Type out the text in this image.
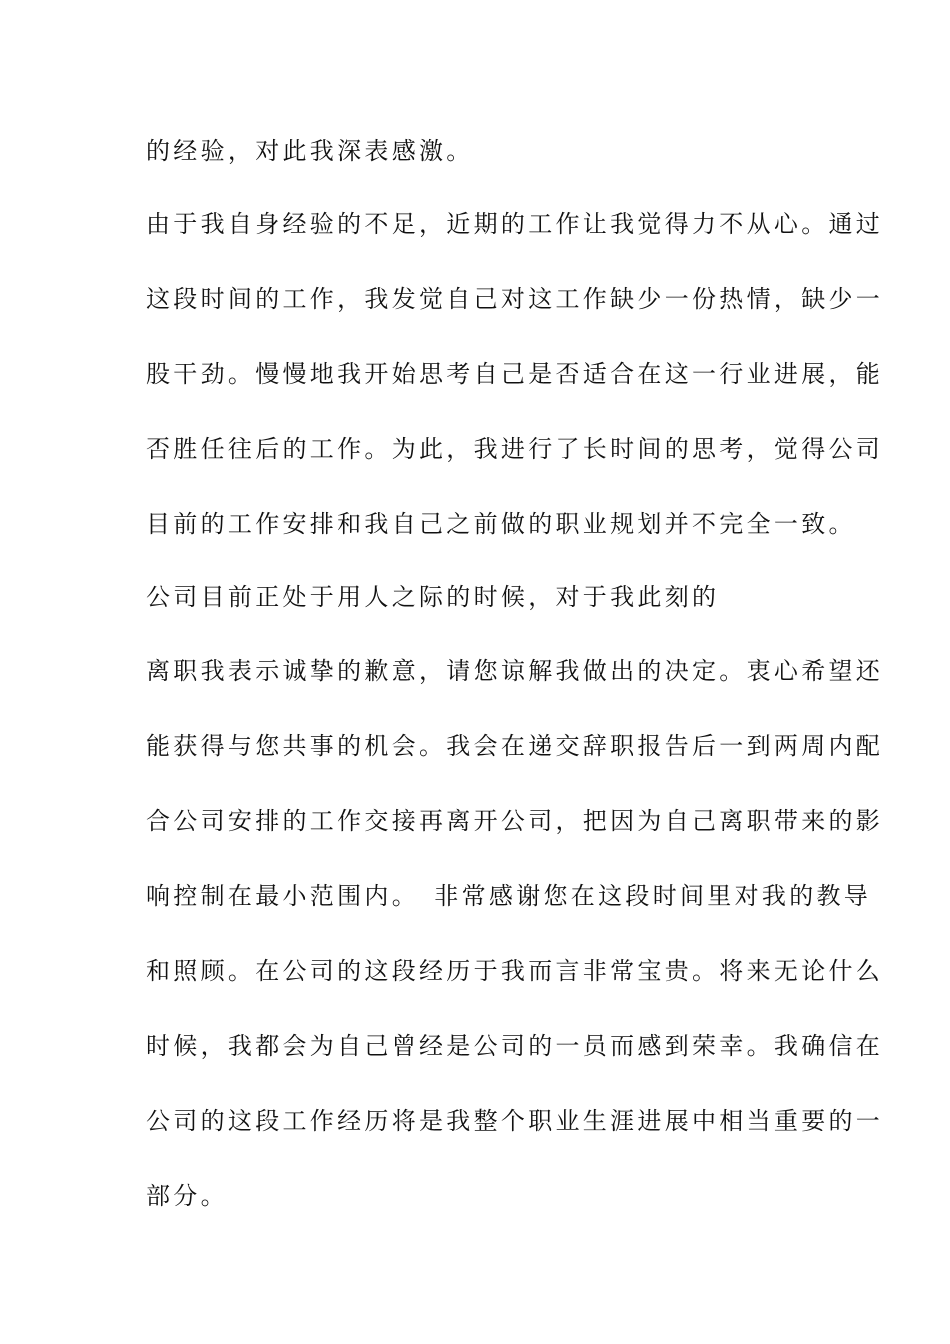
的经验，对此我深表感激。
由于我自身经验的不足，近期的工作让我觉得力不从心。通过
这段时间的工作，我发觉自己对这工作缺少一份热情，缺少一
股干劲。慢慢地我开始思考自己是否适合在这一行业进展，能
否胜任往后的工作。为此，我进行了长时间的思考，觉得公司
目前的工作安排和我自己之前做的职业规划并不完全一致。
公司目前正处于用人之际的时候，对于我此刻的
离职我表示诚挚的歉意，请您谅解我做出的决定。衷心希望还
能获得与您共事的机会。我会在递交辞职报告后一到两周内配
合公司安排的工作交接再离开公司，把因为自己离职带来的影
响控制在最小范围内。　非常感谢您在这段时间里对我的教导
和照顾。在公司的这段经历于我而言非常宝贵。将来无论什么
时候，我都会为自己曾经是公司的一员而感到荣幸。我确信在
公司的这段工作经历将是我整个职业生涯进展中相当重要的一
部分。
